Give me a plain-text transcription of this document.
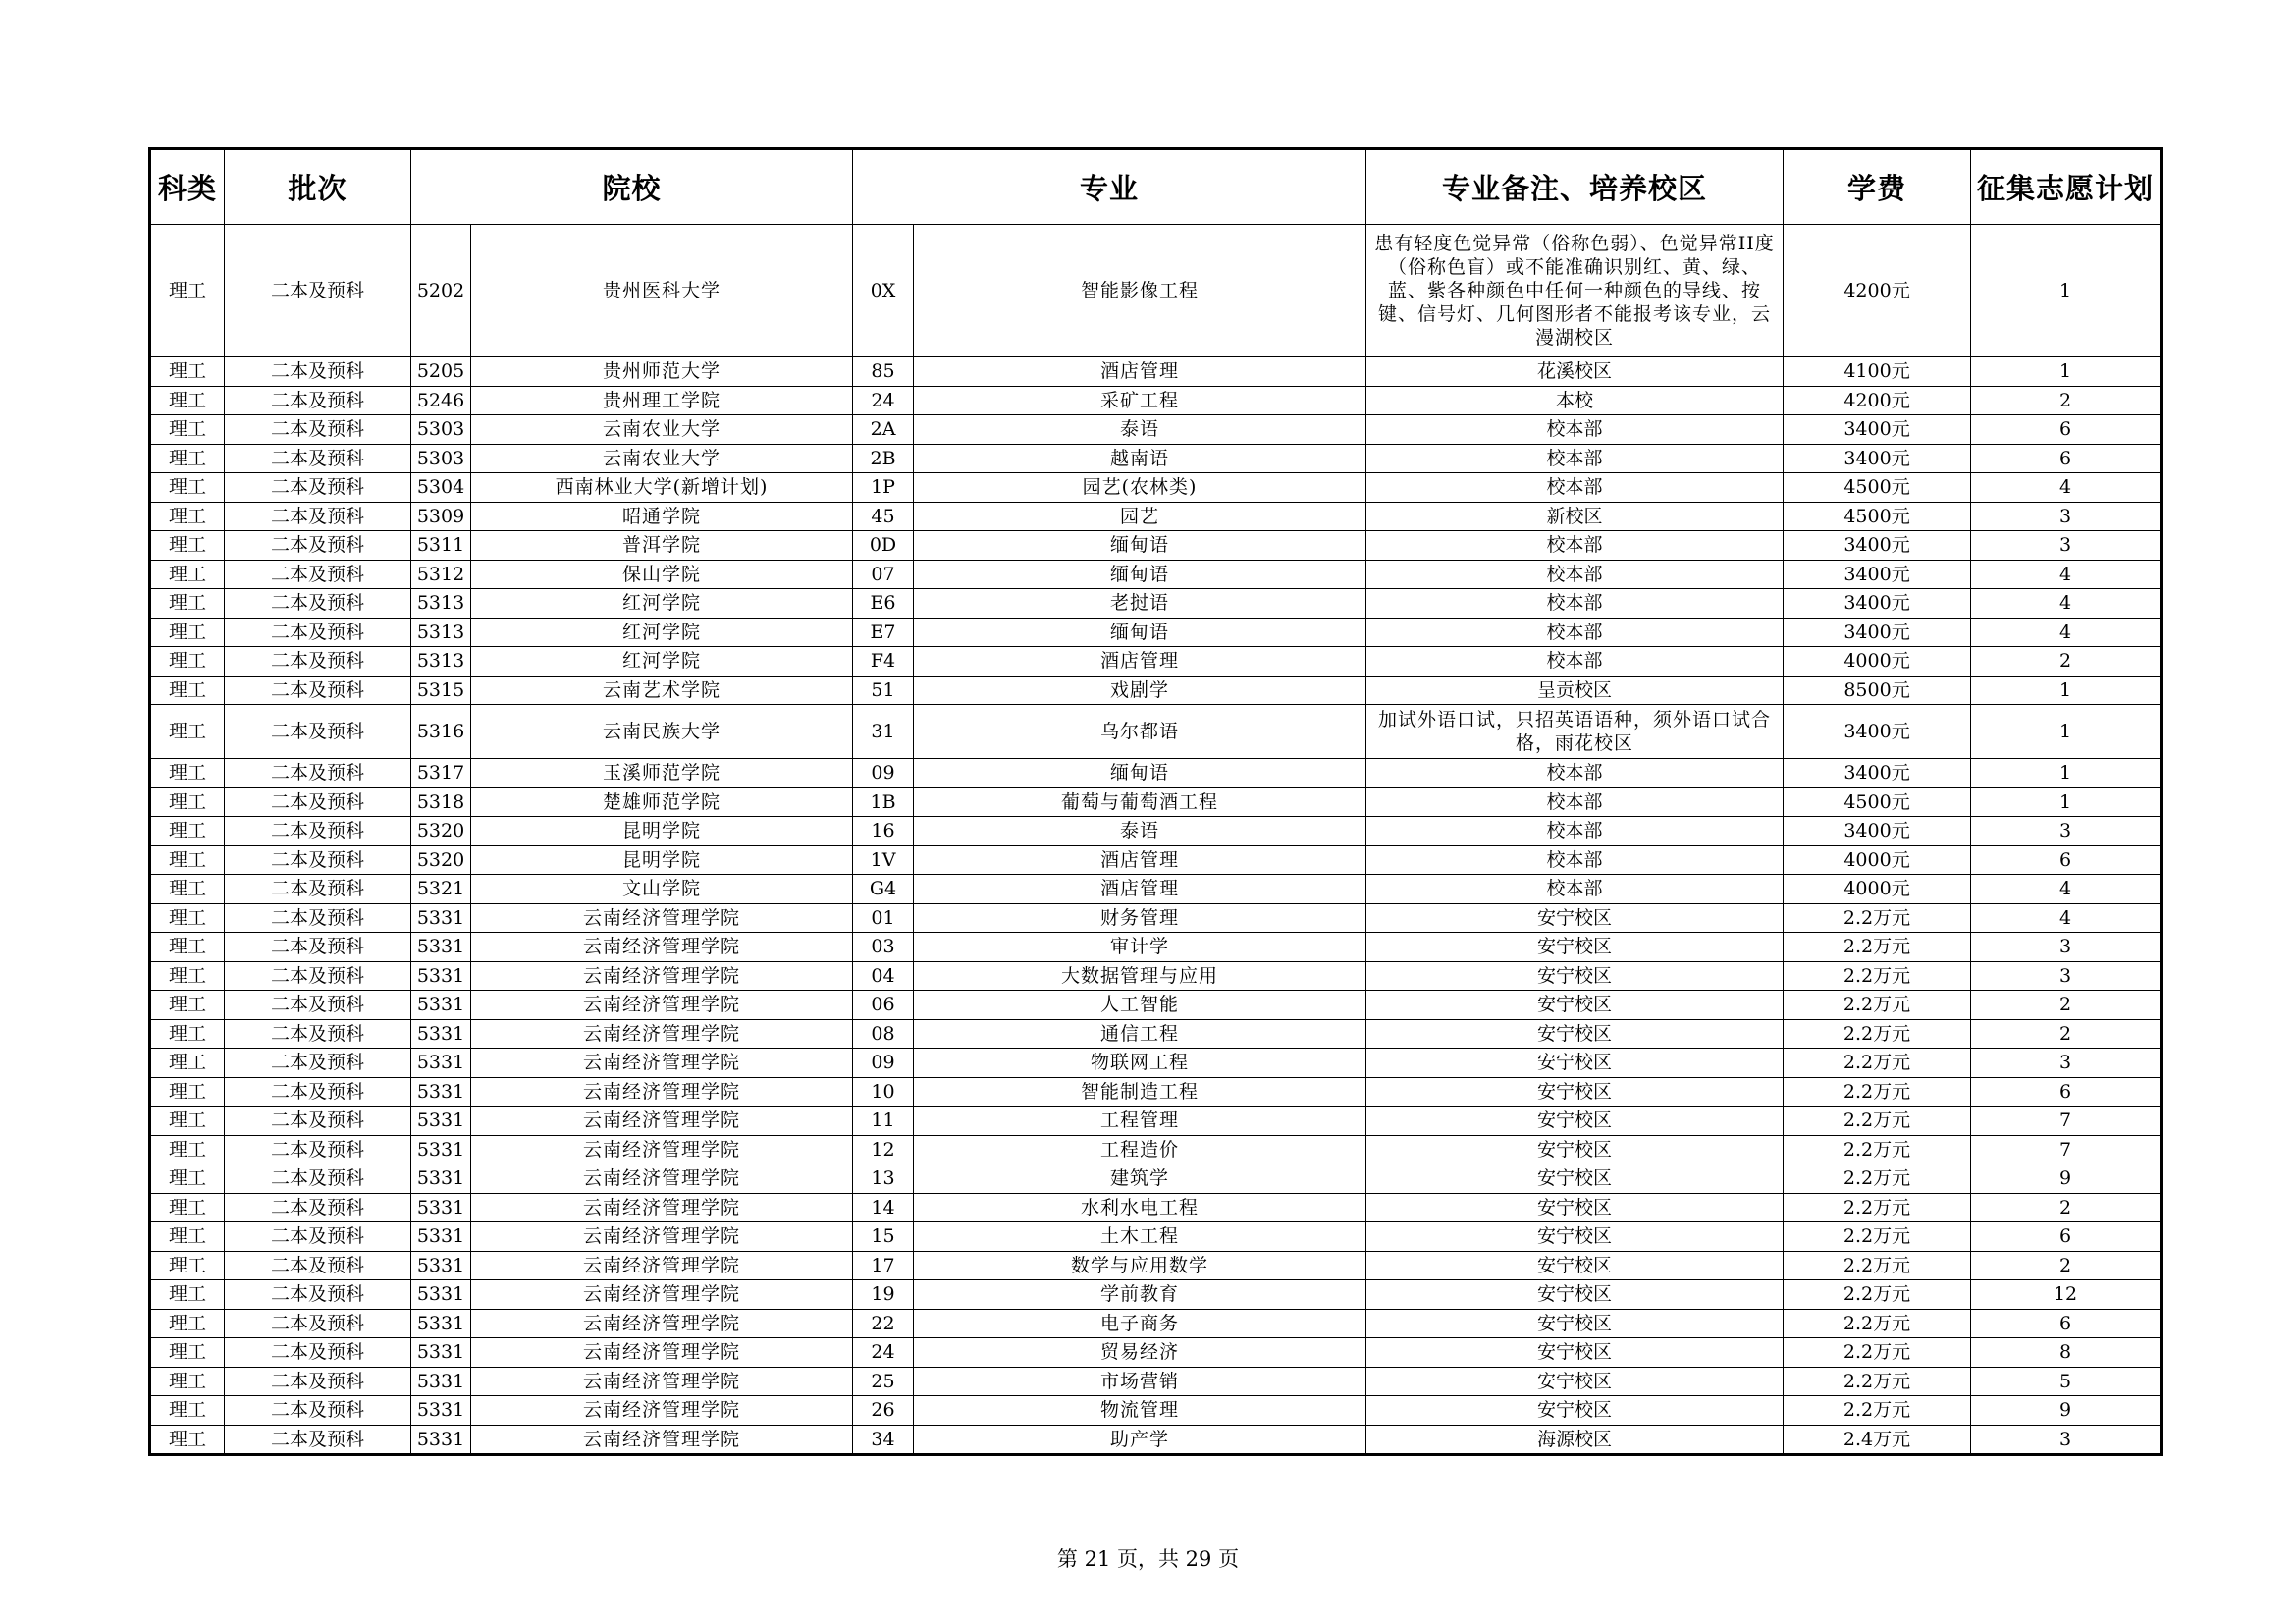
科类	批次	院校		专业		专业备注、培养校区	学费	征集志愿计划
理工	二本及预科	5202	贵州医科大学	0X	智能影像工程	患有轻度色觉异常（俗称色弱）、色觉异常II度（俗称色盲）或不能准确识别红、黄、绿、蓝、紫各种颜色中任何一种颜色的导线、按键、信号灯、几何图形者不能报考该专业，云漫湖校区	4200元	1
理工	二本及预科	5205	贵州师范大学	85	酒店管理	花溪校区	4100元	1
理工	二本及预科	5246	贵州理工学院	24	采矿工程	本校	4200元	2
理工	二本及预科	5303	云南农业大学	2A	泰语	校本部	3400元	6
理工	二本及预科	5303	云南农业大学	2B	越南语	校本部	3400元	6
理工	二本及预科	5304	西南林业大学(新增计划)	1P	园艺(农林类)	校本部	4500元	4
理工	二本及预科	5309	昭通学院	45	园艺	新校区	4500元	3
理工	二本及预科	5311	普洱学院	0D	缅甸语	校本部	3400元	3
理工	二本及预科	5312	保山学院	07	缅甸语	校本部	3400元	4
理工	二本及预科	5313	红河学院	E6	老挝语	校本部	3400元	4
理工	二本及预科	5313	红河学院	E7	缅甸语	校本部	3400元	4
理工	二本及预科	5313	红河学院	F4	酒店管理	校本部	4000元	2
理工	二本及预科	5315	云南艺术学院	51	戏剧学	呈贡校区	8500元	1
理工	二本及预科	5316	云南民族大学	31	乌尔都语	加试外语口试，只招英语语种，须外语口试合格，雨花校区	3400元	1
理工	二本及预科	5317	玉溪师范学院	09	缅甸语	校本部	3400元	1
理工	二本及预科	5318	楚雄师范学院	1B	葡萄与葡萄酒工程	校本部	4500元	1
理工	二本及预科	5320	昆明学院	16	泰语	校本部	3400元	3
理工	二本及预科	5320	昆明学院	1V	酒店管理	校本部	4000元	6
理工	二本及预科	5321	文山学院	G4	酒店管理	校本部	4000元	4
理工	二本及预科	5331	云南经济管理学院	01	财务管理	安宁校区	2.2万元	4
理工	二本及预科	5331	云南经济管理学院	03	审计学	安宁校区	2.2万元	3
理工	二本及预科	5331	云南经济管理学院	04	大数据管理与应用	安宁校区	2.2万元	3
理工	二本及预科	5331	云南经济管理学院	06	人工智能	安宁校区	2.2万元	2
理工	二本及预科	5331	云南经济管理学院	08	通信工程	安宁校区	2.2万元	2
理工	二本及预科	5331	云南经济管理学院	09	物联网工程	安宁校区	2.2万元	3
理工	二本及预科	5331	云南经济管理学院	10	智能制造工程	安宁校区	2.2万元	6
理工	二本及预科	5331	云南经济管理学院	11	工程管理	安宁校区	2.2万元	7
理工	二本及预科	5331	云南经济管理学院	12	工程造价	安宁校区	2.2万元	7
理工	二本及预科	5331	云南经济管理学院	13	建筑学	安宁校区	2.2万元	9
理工	二本及预科	5331	云南经济管理学院	14	水利水电工程	安宁校区	2.2万元	2
理工	二本及预科	5331	云南经济管理学院	15	土木工程	安宁校区	2.2万元	6
理工	二本及预科	5331	云南经济管理学院	17	数学与应用数学	安宁校区	2.2万元	2
理工	二本及预科	5331	云南经济管理学院	19	学前教育	安宁校区	2.2万元	12
理工	二本及预科	5331	云南经济管理学院	22	电子商务	安宁校区	2.2万元	6
理工	二本及预科	5331	云南经济管理学院	24	贸易经济	安宁校区	2.2万元	8
理工	二本及预科	5331	云南经济管理学院	25	市场营销	安宁校区	2.2万元	5
理工	二本及预科	5331	云南经济管理学院	26	物流管理	安宁校区	2.2万元	9
理工	二本及预科	5331	云南经济管理学院	34	助产学	海源校区	2.4万元	3
第 21 页，共 29 页
